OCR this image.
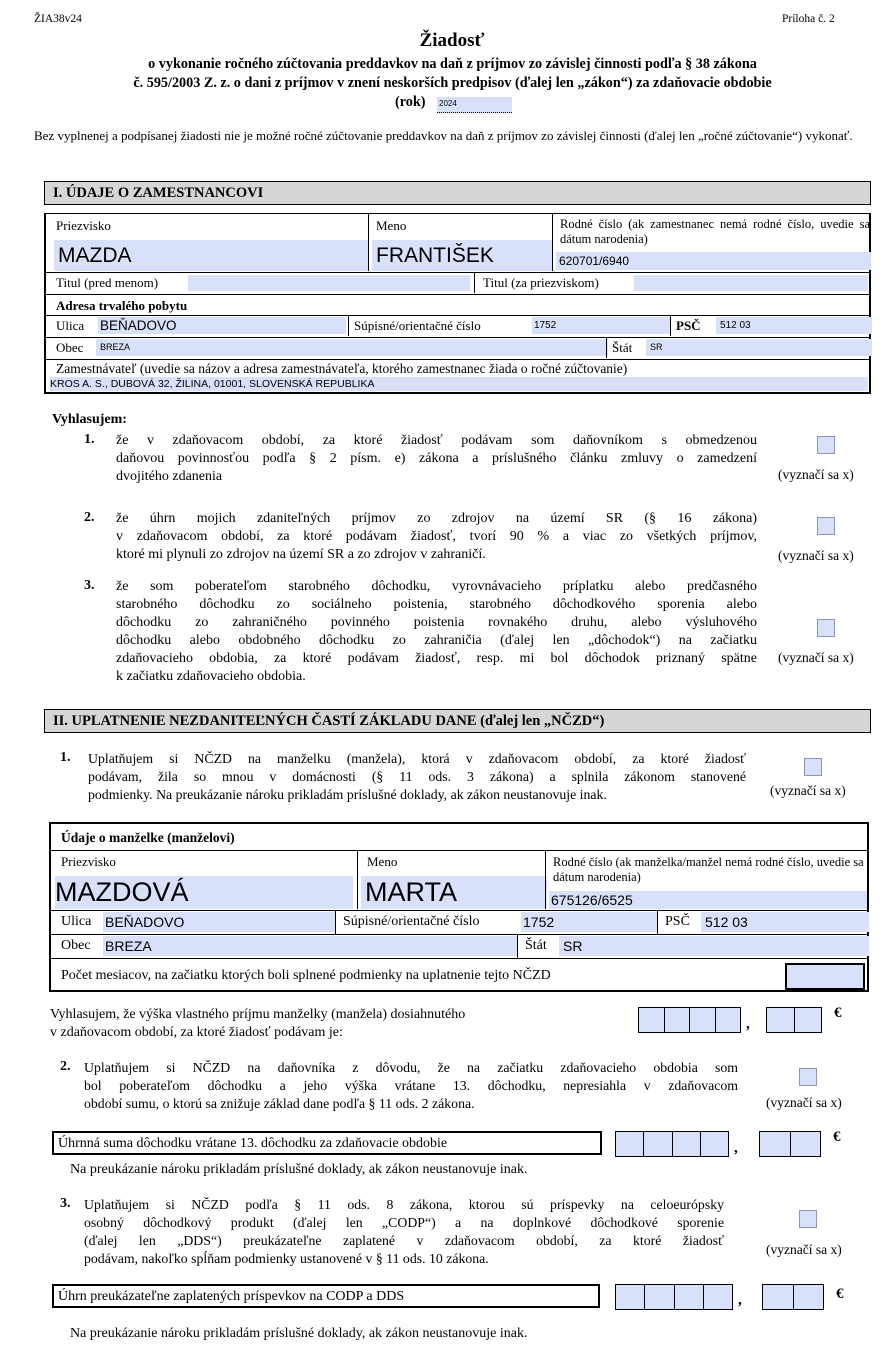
ŽIA38v24	Príloha č. 2
Žiadosť
o vykonanie ročného zúčtovania preddavkov na daň z príjmov zo závislej činnosti podľa § 38 zákona
č. 595/2003 Z. z. o dani z príjmov v znení neskorších predpisov (ďalej len „zákon“) za zdaňovacie obdobie
(rok) 2024
Bez vyplnenej a podpísanej žiadosti nie je možné ročné zúčtovanie preddavkov na daň z príjmov zo závislej činnosti (ďalej len „ročné zúčtovanie“) vykonať.
I. ÚDAJE O ZAMESTNANCOVI
Priezvisko
MAZDA
Meno
FRANTIŠEK
Rodné číslo (ak zamestnanec nemá rodné číslo, uvedie sa dátum narodenia)
620701/6940
Titul (pred menom)	Titul (za priezviskom)
Adresa trvalého pobytu
Ulica BEŇADOVO	Súpisné/orientačné číslo	1752	PSČ	512 03
Obec	BREZA	Štát	SR
Zamestnávateľ (uvedie sa názov a adresa zamestnávateľa, ktorého zamestnanec žiada o ročné zúčtovanie)
KROS A. S., DUBOVÁ 32, ŽILINA, 01001, SLOVENSKÁ REPUBLIKA
Vyhlasujem:
1. že v zdaňovacom období, za ktoré žiadosť podávam som daňovníkom s obmedzenou
daňovou povinnosťou podľa § 2 písm. e) zákona a príslušného článku zmluvy o zamedzení
dvojitého zdanenia	(vyznačí sa x)
2. že úhrn mojich zdaniteľných príjmov zo zdrojov na území SR (§ 16 zákona)
v zdaňovacom období, za ktoré podávam žiadosť, tvorí 90 % a viac zo všetkých príjmov,
ktoré mi plynuli zo zdrojov na území SR a zo zdrojov v zahraničí.	(vyznačí sa x)
3. že som poberateľom starobného dôchodku, vyrovnávacieho príplatku alebo predčasného
starobného dôchodku zo sociálneho poistenia, starobného dôchodkového sporenia alebo
dôchodku zo zahraničného povinného poistenia rovnakého druhu, alebo výsluhového
dôchodku alebo obdobného dôchodku zo zahraničia (ďalej len „dôchodok“) na začiatku
zdaňovacieho obdobia, za ktoré podávam žiadosť, resp. mi bol dôchodok priznaný spätne
k začiatku zdaňovacieho obdobia.
(vyznačí sa x)
II. UPLATNENIE NEZDANITEĽNÝCH ČASTÍ ZÁKLADU DANE (ďalej len „NČZD“)
1. Uplatňujem si NČZD na manželku (manžela), ktorá v zdaňovacom období, za ktoré žiadosť
podávam, žila so mnou v domácnosti (§ 11 ods. 3 zákona) a splnila zákonom stanovené
podmienky. Na preukázanie nároku prikladám príslušné doklady, ak zákon neustanovuje inak.	(vyznačí sa x)
Údaje o manželke (manželovi)
Priezvisko
MAZDOVÁ
Meno
MARTA
Rodné číslo (ak manželka/manžel nemá rodné číslo, uvedie sa dátum narodenia)
675126/6525
Ulica BEŇADOVO	Súpisné/orientačné číslo	1752	PSČ 512 03
Obec BREZA	Štát SR
Počet mesiacov, na začiatku ktorých boli splnené podmienky na uplatnenie tejto NČZD
Vyhlasujem, že výška vlastného príjmu manželky (manžela) dosiahnutého
v zdaňovacom období, za ktoré žiadosť podávam je:
,
€
2. Uplatňujem si NČZD na daňovníka z dôvodu, že na začiatku zdaňovacieho obdobia som
bol poberateľom dôchodku a jeho výška vrátane 13. dôchodku, nepresiahla v zdaňovacom
období sumu, o ktorú sa znižuje základ dane podľa § 11 ods. 2 zákona.	(vyznačí sa x)
Úhrnná suma dôchodku vrátane 13. dôchodku za zdaňovacie obdobie	,
€
Na preukázanie nároku prikladám príslušné doklady, ak zákon neustanovuje inak.
3. Uplatňujem si NČZD podľa § 11 ods. 8 zákona, ktorou sú príspevky na celoeurópsky
osobný dôchodkový produkt (ďalej len „CODP“) a na doplnkové dôchodkové sporenie
(ďalej len „DDS“) preukázateľne zaplatené v zdaňovacom období, za ktoré žiadosť
podávam, nakoľko spĺňam podmienky ustanovené v § 11 ods. 10 zákona.
(vyznačí sa x)
Úhrn preukázateľne zaplatených príspevkov na CODP a DDS	,	€
Na preukázanie nároku prikladám príslušné doklady, ak zákon neustanovuje inak.
